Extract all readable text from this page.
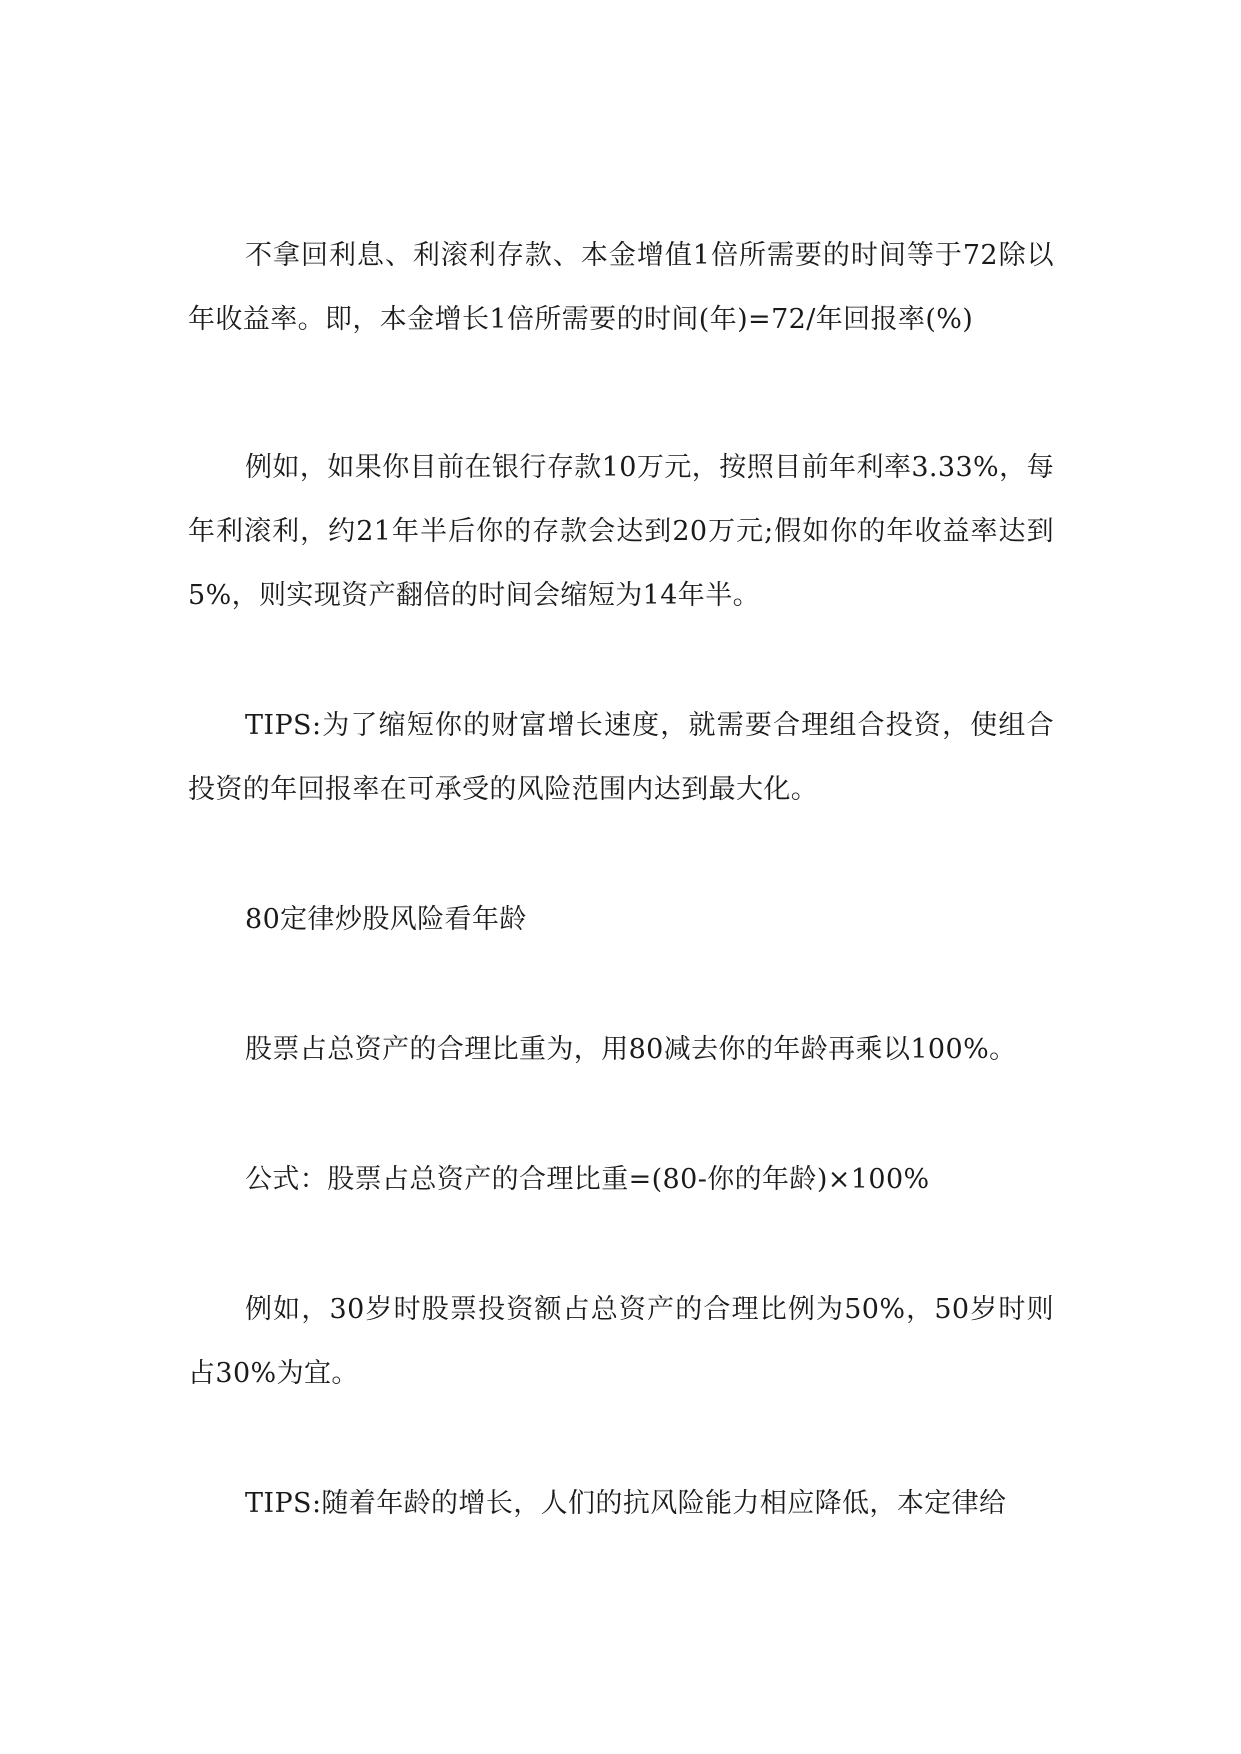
不拿回利息、利滚利存款、本金增值1倍所需要的时间等于72除以年收益率。即，本金增长1倍所需要的时间(年)=72/年回报率(%)

例如，如果你目前在银行存款10万元，按照目前年利率3.33%，每年利滚利，约21年半后你的存款会达到20万元;假如你的年收益率达到5%，则实现资产翻倍的时间会缩短为14年半。

TIPS:为了缩短你的财富增长速度，就需要合理组合投资，使组合投资的年回报率在可承受的风险范围内达到最大化。

80定律炒股风险看年龄

股票占总资产的合理比重为，用80减去你的年龄再乘以100%。

公式：股票占总资产的合理比重=(80-你的年龄)×100%

例如，30岁时股票投资额占总资产的合理比例为50%，50岁时则占30%为宜。

TIPS:随着年龄的增长，人们的抗风险能力相应降低，本定律给
